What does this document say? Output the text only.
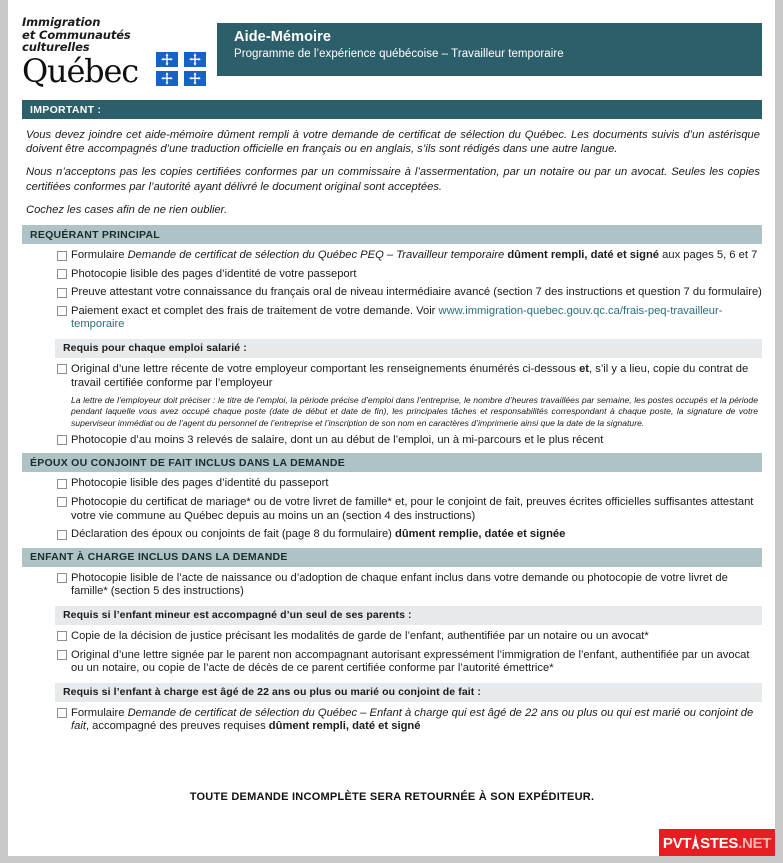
Immigration
et Communautés
culturelles
Québec
Aide-Mémoire
Programme de l’expérience québécoise – Travailleur temporaire
IMPORTANT :

Vous devez joindre cet aide-mémoire dûment rempli à votre demande de certificat de sélection du Québec. Les documents suivis d’un astérisque doivent être accompagnés d’une traduction officielle en français ou en anglais, s’ils sont rédigés dans une autre langue.

Nous n’acceptons pas les copies certifiées conformes par un commissaire à l’assermentation, par un notaire ou par un avocat. Seules les copies certifiées conformes par l’autorité ayant délivré le document original sont acceptées.

Cochez les cases afin de ne rien oublier.

REQUÉRANT PRINCIPAL
Formulaire Demande de certificat de sélection du Québec PEQ – Travailleur temporaire dûment rempli, daté et signé aux pages 5, 6 et 7
Photocopie lisible des pages d’identité de votre passeport
Preuve attestant votre connaissance du français oral de niveau intermédiaire avancé (section 7 des instructions et question 7 du formulaire)
Paiement exact et complet des frais de traitement de votre demande. Voir www.immigration-quebec.gouv.qc.ca/frais-peq-travailleur-temporaire
Requis pour chaque emploi salarié :
Original d’une lettre récente de votre employeur comportant les renseignements énumérés ci-dessous et, s’il y a lieu, copie du contrat de travail certifiée conforme par l’employeur
La lettre de l’employeur doit préciser : le titre de l’emploi, la période précise d’emploi dans l’entreprise, le nombre d’heures travaillées par semaine, les postes occupés et la période pendant laquelle vous avez occupé chaque poste (date de début et date de fin), les principales tâches et responsabilités correspondant à chaque poste, la signature de votre superviseur immédiat ou de l’agent du personnel de l’entreprise et l’inscription de son nom en caractères d’imprimerie ainsi que la date de la signature.
Photocopie d’au moins 3 relevés de salaire, dont un au début de l’emploi, un à mi-parcours et le plus récent
ÉPOUX OU CONJOINT DE FAIT INCLUS DANS LA DEMANDE
Photocopie lisible des pages d’identité du passeport
Photocopie du certificat de mariage* ou de votre livret de famille* et, pour le conjoint de fait, preuves écrites officielles suffisantes attestant votre vie commune au Québec depuis au moins un an (section 4 des instructions)
Déclaration des époux ou conjoints de fait (page 8 du formulaire) dûment remplie, datée et signée
ENFANT À CHARGE INCLUS DANS LA DEMANDE
Photocopie lisible de l’acte de naissance ou d’adoption de chaque enfant inclus dans votre demande ou photocopie de votre livret de famille* (section 5 des instructions)
Requis si l’enfant mineur est accompagné d’un seul de ses parents :
Copie de la décision de justice précisant les modalités de garde de l’enfant, authentifiée par un notaire ou un avocat*
Original d’une lettre signée par le parent non accompagnant autorisant expressément l’immigration de l’enfant, authentifiée par un avocat ou un notaire, ou copie de l’acte de décès de ce parent certifiée conforme par l’autorité émettrice*
Requis si l’enfant à charge est âgé de 22 ans ou plus ou marié ou conjoint de fait :
Formulaire Demande de certificat de sélection du Québec – Enfant à charge qui est âgé de 22 ans ou plus ou qui est marié ou conjoint de fait, accompagné des preuves requises dûment rempli, daté et signé
TOUTE DEMANDE INCOMPLÈTE SERA RETOURNÉE À SON EXPÉDITEUR.
PVT STES.NET
